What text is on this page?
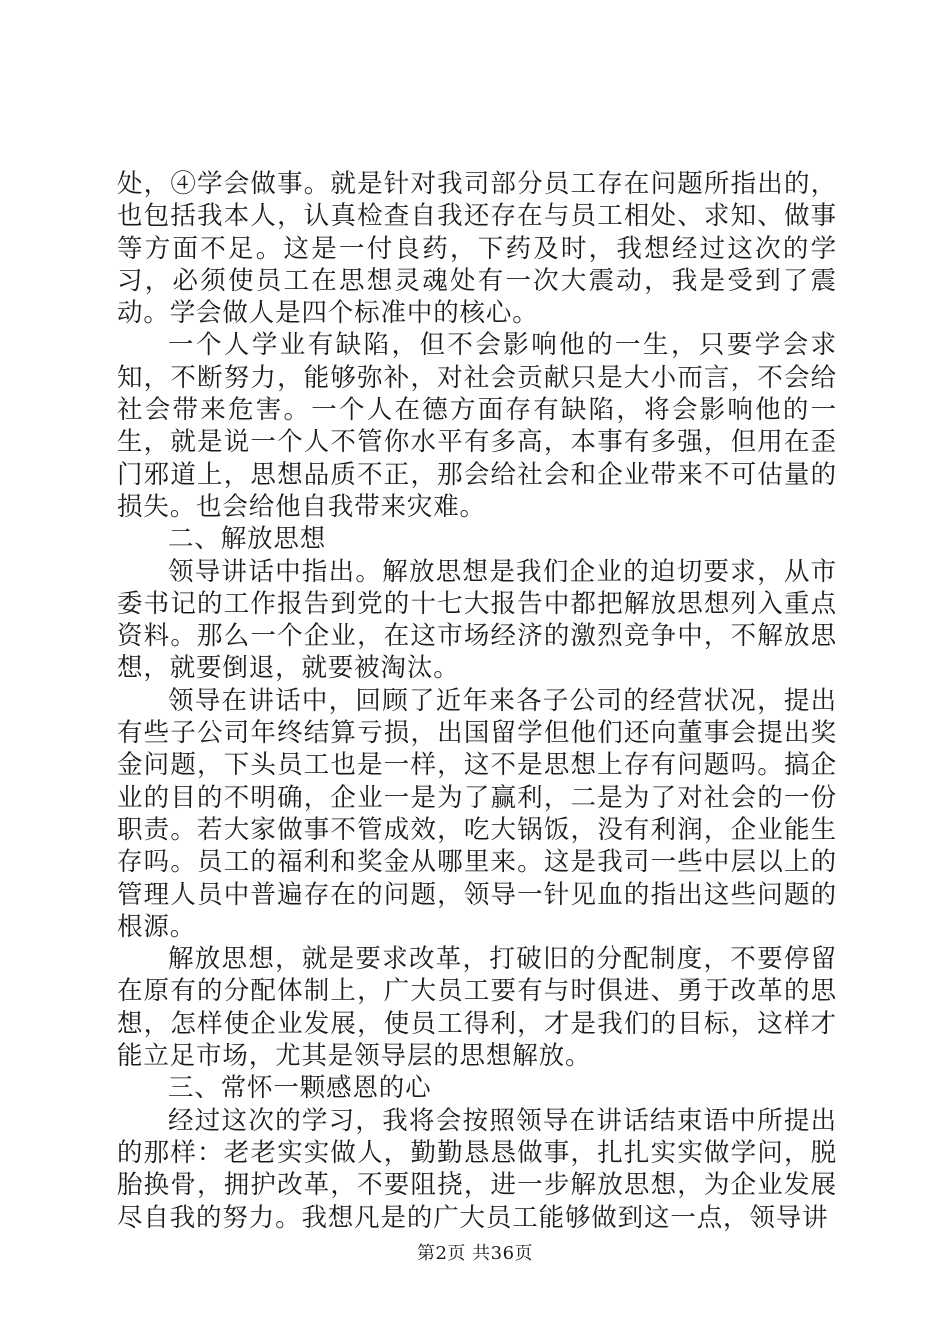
处，④学会做事。就是针对我司部分员工存在问题所指出的，也包括我本人，认真检查自我还存在与员工相处、求知、做事等方面不足。这是一付良药，下药及时，我想经过这次的学习，必须使员工在思想灵魂处有一次大震动，我是受到了震动。学会做人是四个标准中的核心。

一个人学业有缺陷，但不会影响他的一生，只要学会求知，不断努力，能够弥补，对社会贡献只是大小而言，不会给社会带来危害。一个人在德方面存有缺陷，将会影响他的一生，就是说一个人不管你水平有多高，本事有多强，但用在歪门邪道上，思想品质不正，那会给社会和企业带来不可估量的损失。也会给他自我带来灾难。

二、解放思想

领导讲话中指出。解放思想是我们企业的迫切要求，从市委书记的工作报告到党的十七大报告中都把解放思想列入重点资料。那么一个企业，在这市场经济的激烈竞争中，不解放思想，就要倒退，就要被淘汰。

领导在讲话中，回顾了近年来各子公司的经营状况，提出有些子公司年终结算亏损，出国留学但他们还向董事会提出奖金问题，下头员工也是一样，这不是思想上存有问题吗。搞企业的目的不明确，企业一是为了赢利，二是为了对社会的一份职责。若大家做事不管成效，吃大锅饭，没有利润，企业能生存吗。员工的福利和奖金从哪里来。这是我司一些中层以上的管理人员中普遍存在的问题，领导一针见血的指出这些问题的根源。

解放思想，就是要求改革，打破旧的分配制度，不要停留在原有的分配体制上，广大员工要有与时俱进、勇于改革的思想，怎样使企业发展，使员工得利，才是我们的目标，这样才能立足市场，尤其是领导层的思想解放。

三、常怀一颗感恩的心

经过这次的学习，我将会按照领导在讲话结束语中所提出的那样：老老实实做人，勤勤恳恳做事，扎扎实实做学问，脱胎换骨，拥护改革，不要阻挠，进一步解放思想，为企业发展尽自我的努力。我想凡是的广大员工能够做到这一点，领导讲

第2页 共36页
